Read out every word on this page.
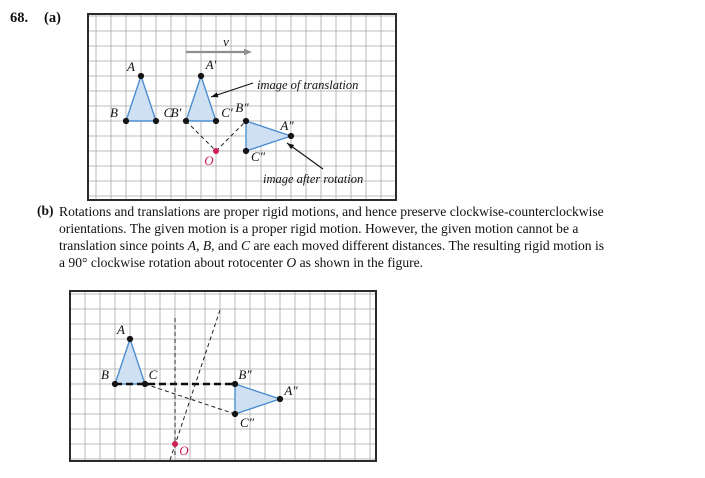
68. (a)
v
O
A
B	C
A′
B′	C′ B″
A″
C″
image of translation
image after rotation
(b) Rotations and translations are proper rigid motions, and hence preserve clockwise-counterclockwise
orientations. The given motion is a proper rigid motion. However, the given motion cannot be a
translation since points A, B, and C are each moved different distances. The resulting rigid motion is
a 90° clockwise rotation about rotocenter O as shown in the figure.
O
A
B	C	B″
A″
C″
